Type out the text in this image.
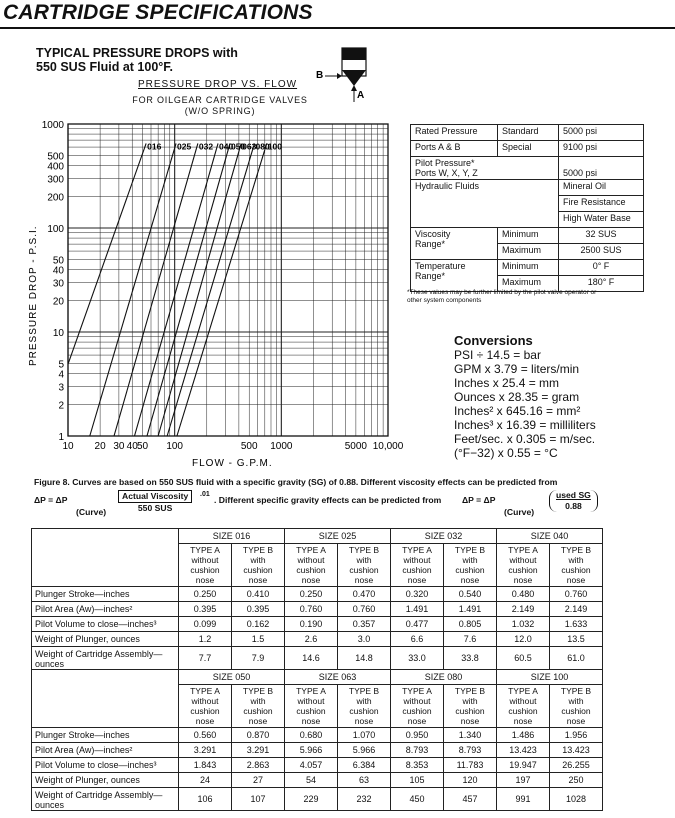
CARTRIDGE SPECIFICATIONS
TYPICAL PRESSURE DROPS with
550 SUS Fluid at 100°F.
B
A
PRESSURE DROP VS. FLOW
FOR OILGEAR CARTRIDGE VALVES
(W/O SPRING)
1
2
3
4
5
10
20
30
40
50
100
200
300
400
500
1000
10 20 30 40 50 100	500 1000	5000 10,000
016 025 032 040
050
063 080
100
PRESSURE DROP - P.S.I.
FLOW - G.P.M.
Rated Pressure	Standard	5000 psi
Ports A & B	Special	9100 psi
Pilot Pressure*
Ports W, X, Y, Z		5000 psi
Hydraulic Fluids		Mineral Oil
		Fire Resistance
		High Water Base
Viscosity
Range*	Minimum	32 SUS
	Maximum	2500 SUS
Temperature
Range*	Minimum	0° F
	Maximum	180° F
*These values may be further limited by the pilot valve operator or other system components
Conversions
PSI ÷ 14.5 = bar
GPM x 3.79 = liters/min
Inches x 25.4 = mm
Ounces x 28.35 = gram
Inches² x 645.16 = mm²
Inches³ x 16.39 = milliliters
Feet/sec. x 0.305 = m/sec.
(°F−32) x 0.55 = °C
Figure 8. Curves are based on 550 SUS fluid with a specific gravity (SG) of 0.88. Different viscosity effects can be predicted from
ΔP = ΔP
(Curve)
Actual Viscosity
550 SUS
.01
. Different specific gravity effects can be predicted from ΔP = ΔP
(Curve)
used SG
0.88
	SIZE 016		SIZE 025		SIZE 032		SIZE 040	
	TYPE A
without
cushion
nose	TYPE B
with
cushion
nose	TYPE A
without
cushion
nose	TYPE B
with
cushion
nose	TYPE A
without
cushion
nose	TYPE B
with
cushion
nose	TYPE A
without
cushion
nose	TYPE B
with
cushion
nose
Plunger Stroke—inches	0.250	0.410	0.250	0.470	0.320	0.540	0.480	0.760
Pilot Area (Aw)—inches²	0.395	0.395	0.760	0.760	1.491	1.491	2.149	2.149
Pilot Volume to close—inches³	0.099	0.162	0.190	0.357	0.477	0.805	1.032	1.633
Weight of Plunger, ounces	1.2	1.5	2.6	3.0	6.6	7.6	12.0	13.5
Weight of Cartridge Assembly—ounces	7.7	7.9	14.6	14.8	33.0	33.8	60.5	61.0
	SIZE 050		SIZE 063		SIZE 080		SIZE 100	
	TYPE A
without
cushion
nose	TYPE B
with
cushion
nose	TYPE A
without
cushion
nose	TYPE B
with
cushion
nose	TYPE A
without
cushion
nose	TYPE B
with
cushion
nose	TYPE A
without
cushion
nose	TYPE B
with
cushion
nose
Plunger Stroke—inches	0.560	0.870	0.680	1.070	0.950	1.340	1.486	1.956
Pilot Area (Aw)—inches²	3.291	3.291	5.966	5.966	8.793	8.793	13.423	13.423
Pilot Volume to close—inches³	1.843	2.863	4.057	6.384	8.353	11.783	19.947	26.255
Weight of Plunger, ounces	24	27	54	63	105	120	197	250
Weight of Cartridge Assembly—ounces	106	107	229	232	450	457	991	1028
